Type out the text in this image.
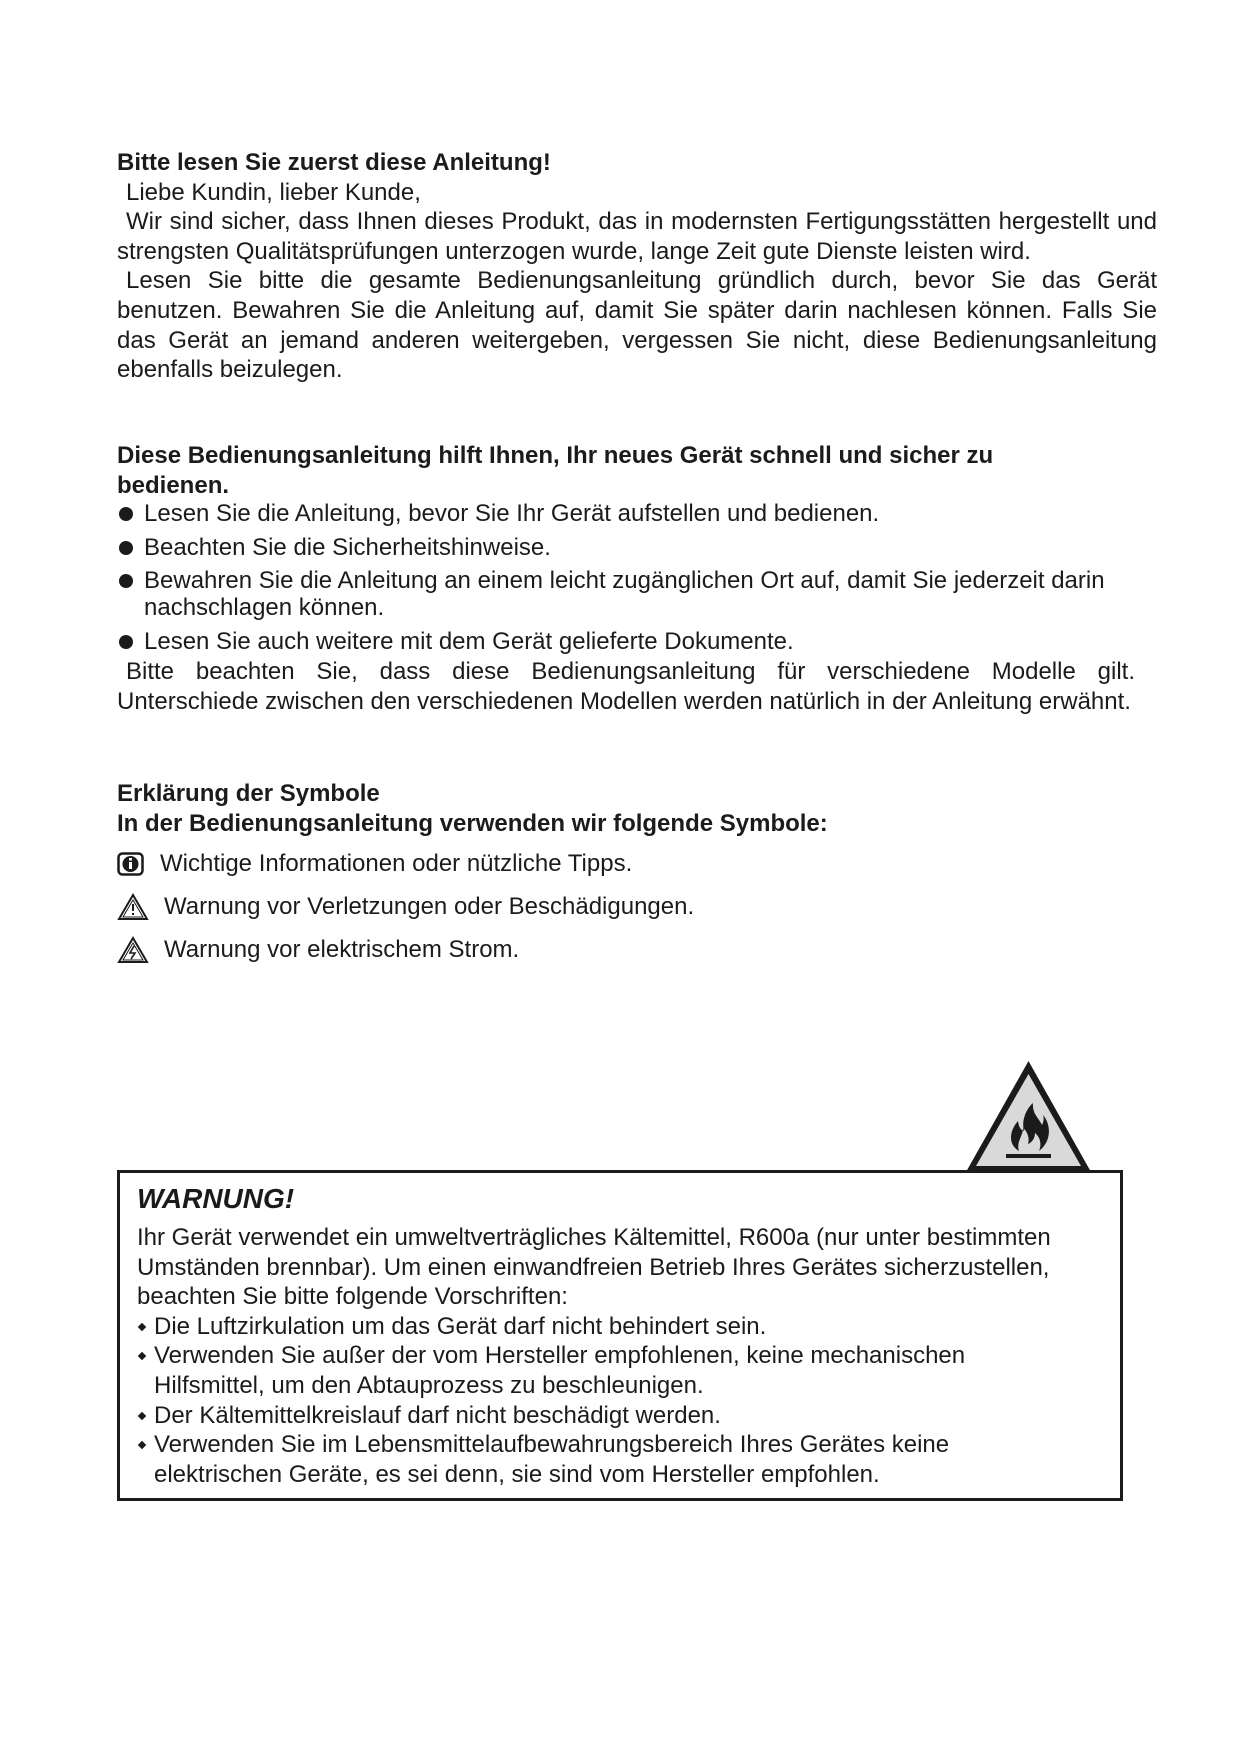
Bitte lesen Sie zuerst diese Anleitung!

Liebe Kundin, lieber Kunde,

Wir sind sicher, dass Ihnen dieses Produkt, das in modernsten Fertigungsstätten hergestellt und strengsten Qualitätsprüfungen unterzogen wurde, lange Zeit gute Dienste leisten wird.

Lesen Sie bitte die gesamte Bedienungsanleitung gründlich durch, bevor Sie das Gerät benutzen. Bewahren Sie die Anleitung auf, damit Sie später darin nachlesen können. Falls Sie das Gerät an jemand anderen weitergeben, vergessen Sie nicht, diese Bedienungsanleitung ebenfalls beizulegen.

Diese Bedienungsanleitung hilft Ihnen, Ihr neues Gerät schnell und sicher zu bedienen.

Lesen Sie die Anleitung, bevor Sie Ihr Gerät aufstellen und bedienen.
Beachten Sie die Sicherheitshinweise.
Bewahren Sie die Anleitung an einem leicht zugänglichen Ort auf, damit Sie jederzeit darin nachschlagen können.
Lesen Sie auch weitere mit dem Gerät gelieferte Dokumente.

Bitte beachten Sie, dass diese Bedienungsanleitung für verschiedene Modelle gilt. Unterschiede zwischen den verschiedenen Modellen werden natürlich in der Anleitung erwähnt.

Erklärung der Symbole

In der Bedienungsanleitung verwenden wir folgende Symbole:

Wichtige Informationen oder nützliche Tipps.
Warnung vor Verletzungen oder Beschädigungen.
Warnung vor elektrischem Strom.

WARNUNG!

Ihr Gerät verwendet ein umweltverträgliches Kältemittel, R600a (nur unter bestimmten Umständen brennbar). Um einen einwandfreien Betrieb Ihres Gerätes sicherzustellen, beachten Sie bitte folgende Vorschriften:

Die Luftzirkulation um das Gerät darf nicht behindert sein.
Verwenden Sie außer der vom Hersteller empfohlenen, keine mechanischen Hilfsmittel, um den Abtauprozess zu beschleunigen.
Der Kältemittelkreislauf darf nicht beschädigt werden.
Verwenden Sie im Lebensmittelaufbewahrungsbereich Ihres Gerätes keine elektrischen Geräte, es sei denn, sie sind vom Hersteller empfohlen.
